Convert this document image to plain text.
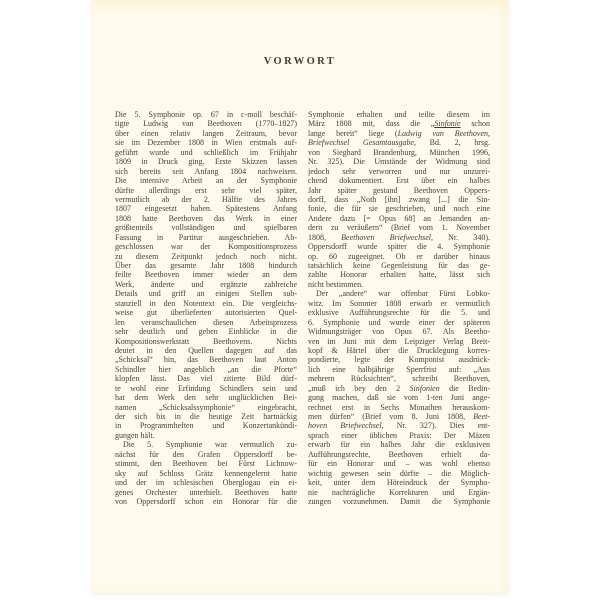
VORWORT
Die 5. Symphonie op. 67 in c-moll beschäf-
tigte Ludwig van Beethoven (1770–1827)
über einen relativ langen Zeitraum, bevor
sie im Dezember 1808 in Wien erstmals auf-
geführt wurde und schließlich im Frühjahr
1809 in Druck ging. Erste Skizzen lassen
sich bereits seit Anfang 1804 nachweisen.
Die intensive Arbeit an der Symphonie
dürfte allerdings erst sehr viel später,
vermutlich ab der 2. Hälfte des Jahres
1807 eingesetzt haben. Spätestens Anfang
1808 hatte Beethoven das Werk in einer
größtenteils vollständigen und spielbaren
Fassung in Partitur ausgeschrieben. Ab-
geschlossen war der Kompositionsprozess
zu diesem Zeitpunkt jedoch noch nicht.
Über das gesamte Jahr 1808 hindurch
feilte Beethoven immer wieder an dem
Werk, änderte und ergänzte zahlreiche
Details und griff an einigen Stellen sub-
stanziell in den Notentext ein. Die vergleichs-
weise gut überlieferten autorisierten Quel-
len veranschaulichen diesen Arbeitsprozess
sehr deutlich und geben Einblicke in die
Kompositionswerkstatt Beethovens. Nichts
deutet in den Quellen dagegen auf das
„Schicksal“ hin, das Beethoven laut Anton
Schindler hier angeblich „an die Pforte“
klopfen lässt. Das viel zitierte Bild dürf-
te wohl eine Erfindung Schindlers sein und
hat dem Werk den sehr unglücklichen Bei-
namen „Schicksalssymphonie“ eingebracht,
der sich bis in die heutige Zeit hartnäckig
in Programmheften und Konzertankündi-
gungen hält.
Die 5. Symphonie war vermutlich zu-
nächst für den Grafen Oppersdorff be-
stimmt, den Beethoven bei Fürst Lichnow-
sky auf Schloss Grätz kennengelernt hatte
und der im schlesischen Oberglogau ein ei-
genes Orchester unterhielt. Beethoven hatte
von Oppersdorff schon ein Honorar für die
Symphonie erhalten und teilte diesem im
März 1808 mit, dass die „Sinfonie schon
lange bereit“ liege (Ludwig van Beethoven,
Briefwechsel Gesamtausgabe, Bd. 2, hrsg.
von Sieghard Brandenburg, München 1996,
Nr. 325). Die Umstände der Widmung sind
jedoch sehr verworren und nur unzurei-
chend dokumentiert. Erst über ein halbes
Jahr später gestand Beethoven Oppers-
dorff, dass „Noth [ihn] zwang [...] die Sin-
fonie, die für sie geschrieben, und noch eine
Andere dazu [= Opus 68] an Jemanden an-
dern zu veräußern“ (Brief vom 1. November
1808, Beethoven Briefwechsel, Nr. 340).
Oppersdorff wurde später die 4. Symphonie
op. 60 zugeeignet. Ob er darüber hinaus
tatsächlich keine Gegenleistung für das ge-
zahlte Honorar erhalten hatte, lässt sich
nicht bestimmen.
Der „andere“ war offenbar Fürst Lobko-
witz. Im Sommer 1808 erwarb er vermutlich
exklusive Aufführungsrechte für die 5. und
6. Symphonie und wurde einer der späteren
Widmungsträger von Opus 67. Als Beetho-
ven im Juni mit dem Leipziger Verlag Breit-
kopf & Härtel über die Drucklegung korres-
pondierte, legte der Komponist ausdrück-
lich eine halbjährige Sperrfrist auf: „Aus
mehrern Rücksichten“, schreibt Beethoven,
„muß ich bey den 2 Sinfonien die Bedin-
gung machen, daß sie vom 1-ten Juni ange-
rechnet erst in Sechs Monathen herauskom-
men dürfen“ (Brief vom 8. Juni 1808, Beet-
hoven Briefwechsel, Nr. 327). Dies ent-
sprach einer üblichen Praxis: Der Mäzen
erwarb für ein halbes Jahr die exklusiven
Aufführungsrechte, Beethoven erhielt da-
für ein Honorar und – was wohl ebenso
wichtig gewesen sein dürfte – die Möglich-
keit, unter dem Höreindruck der Sympho-
nie nachträgliche Korrekturen und Ergän-
zungen vorzunehmen. Damit die Symphonie
